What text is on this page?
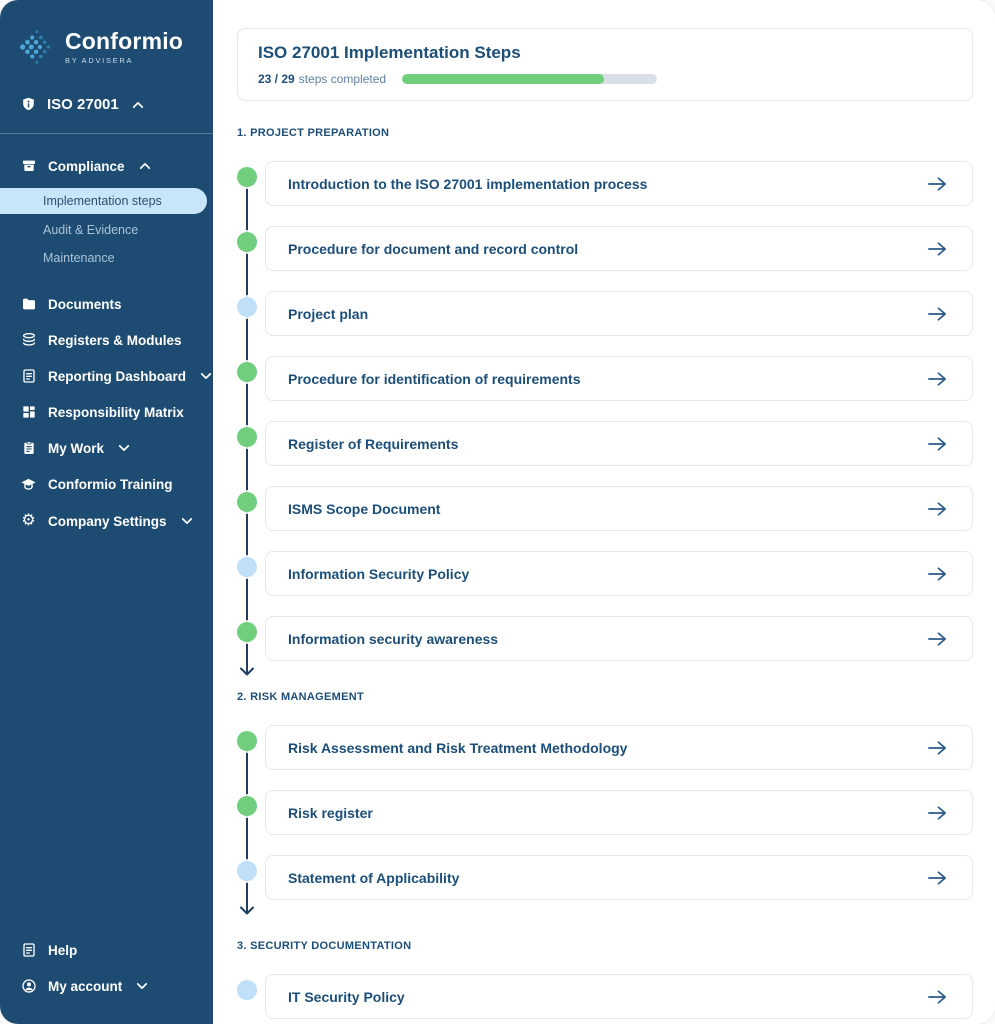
Conformio
BY ADVISERA
ISO 27001
Compliance
Implementation steps
Audit & Evidence
Maintenance
Documents
Registers & Modules
Reporting Dashboard
Responsibility Matrix
My Work
Conformio Training
⚙ Company Settings
Help
My account
ISO 27001 Implementation Steps
23 / 29 steps completed
1. PROJECT PREPARATION
Introduction to the ISO 27001 implementation process
Procedure for document and record control
Project plan
Procedure for identification of requirements
Register of Requirements
ISMS Scope Document
Information Security Policy
Information security awareness
2. RISK MANAGEMENT
Risk Assessment and Risk Treatment Methodology
Risk register
Statement of Applicability
3. SECURITY DOCUMENTATION
IT Security Policy
